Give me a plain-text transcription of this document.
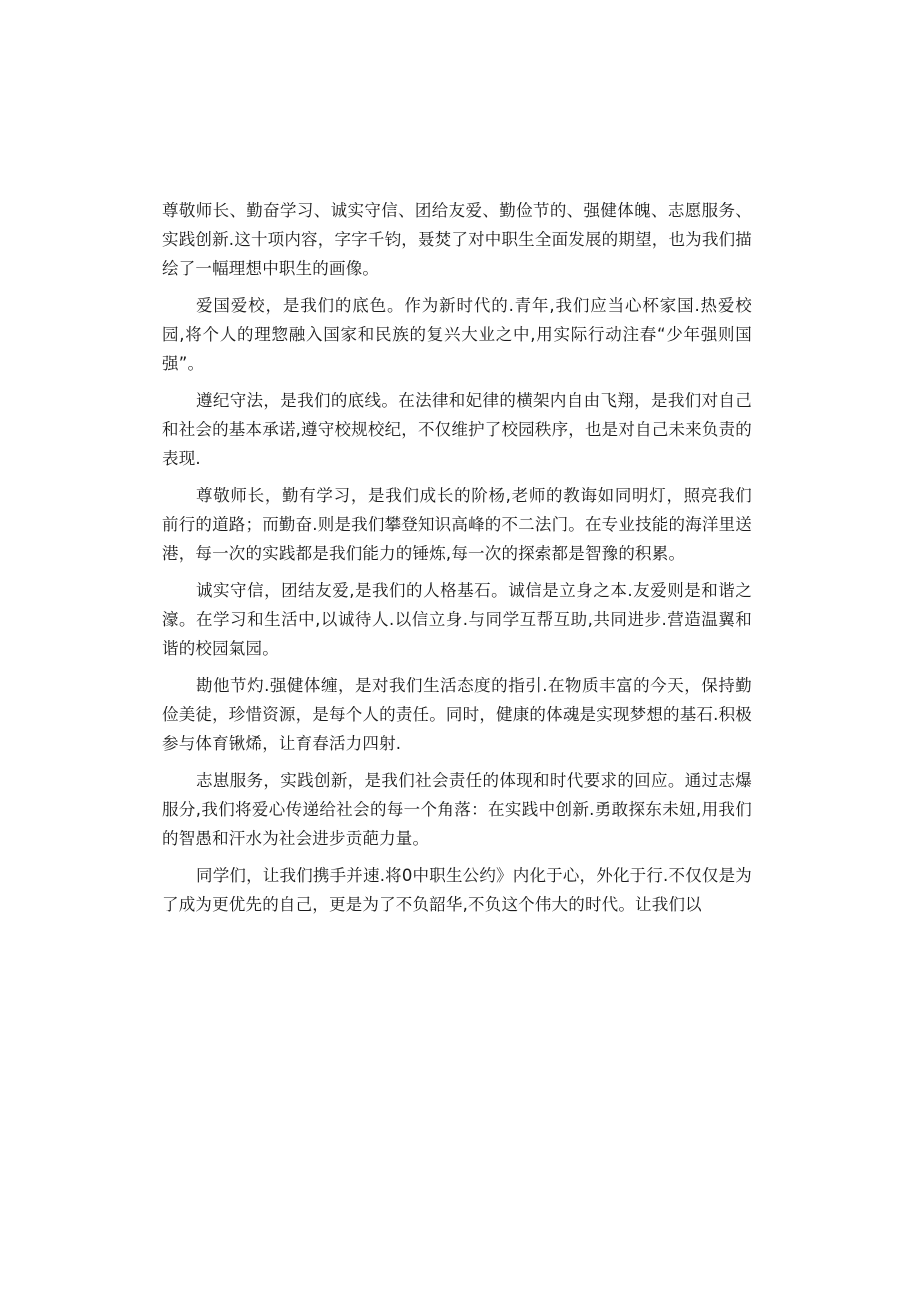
尊敬师长、勤奋学习、诚实守信、团给友爱、勤俭节的、强健体魄、志愿服务、实践创新.这十项内容，字字千钧，聂焚了对中职生全面发展的期望，也为我们描绘了一幅理想中职生的画像。

爱国爱校，是我们的底色。作为新时代的.青年,我们应当心杯家国.热爱校园,将个人的理惣融入国家和民族的复兴大业之中,用实际行动注春“少年强则国强”。

遵纪守法，是我们的底线。在法律和妃律的横架内自由飞翔，是我们对自己和社会的基本承诺,遵守校规校纪，不仅维护了校园秩序，也是对自己未来负责的表现.

尊敬师长，勤有学习，是我们成长的阶杨,老师的教诲如同明灯，照亮我们前行的道路；而勤奋.则是我们攀登知识高峰的不二法门。在专业技能的海洋里送港，每一次的实践都是我们能力的锤炼,每一次的探索都是智豫的积累。

诚实守信，团结友爱,是我们的人格基石。诚信是立身之本.友爱则是和谐之濠。在学习和生活中,以诚待人.以信立身.与同学互帮互助,共同进步.营造温翼和谐的校园氣园。

勘他节灼.强健体缠，是对我们生活态度的指引.在物质丰富的今天，保持勤俭美徒，珍惜资源，是每个人的责任。同时，健康的体魂是实现梦想的基石.积极参与体育锹烯，让育春活力四射.

志崽服务，实践创新，是我们社会责任的体现和时代要求的回应。通过志爆服分,我们将爱心传递给社会的每一个角落：在实践中创新.勇敢探东未妞,用我们的智愚和汗水为社会进步贡葩力量。

同学们，让我们携手并速.将0中职生公约》内化于心，外化于行.不仅仅是为了成为更优先的自己，更是为了不负韶华,不负这个伟大的时代。让我们以
